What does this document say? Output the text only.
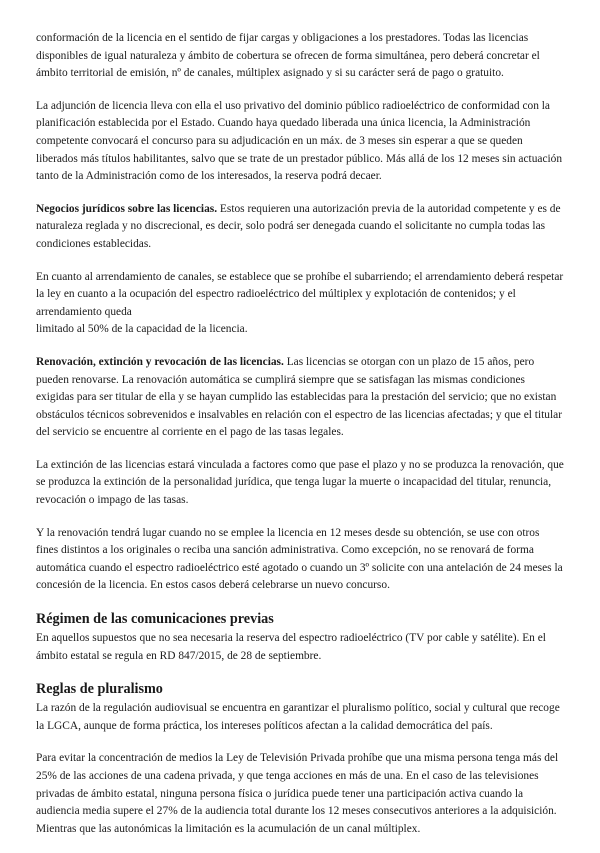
conformación de la licencia en el sentido de fijar cargas y obligaciones a los prestadores. Todas las licencias disponibles de igual naturaleza y ámbito de cobertura se ofrecen de forma simultánea, pero deberá concretar el ámbito territorial de emisión, nº de canales, múltiplex asignado y si su carácter será de pago o gratuito.

La adjunción de licencia lleva con ella el uso privativo del dominio público radioeléctrico de conformidad con la planificación establecida por el Estado. Cuando haya quedado liberada una única licencia, la Administración competente convocará el concurso para su adjudicación en un máx. de 3 meses sin esperar a que se queden liberados más títulos habilitantes, salvo que se trate de un prestador público. Más allá de los 12 meses sin actuación tanto de la Administración como de los interesados, la reserva podrá decaer.

Negocios jurídicos sobre las licencias. Estos requieren una autorización previa de la autoridad competente y es de naturaleza reglada y no discrecional, es decir, solo podrá ser denegada cuando el solicitante no cumpla todas las condiciones establecidas.

En cuanto al arrendamiento de canales, se establece que se prohíbe el subarriendo; el arrendamiento deberá respetar la ley en cuanto a la ocupación del espectro radioeléctrico del múltiplex y explotación de contenidos; y el arrendamiento queda
limitado al 50% de la capacidad de la licencia.

Renovación, extinción y revocación de las licencias. Las licencias se otorgan con un plazo de 15 años, pero pueden renovarse. La renovación automática se cumplirá siempre que se satisfagan las mismas condiciones exigidas para ser titular de ella y se hayan cumplido las establecidas para la prestación del servicio; que no existan obstáculos técnicos sobrevenidos e insalvables en relación con el espectro de las licencias afectadas; y que el titular del servicio se encuentre al corriente en el pago de las tasas legales.

La extinción de las licencias estará vinculada a factores como que pase el plazo y no se produzca la renovación, que se produzca la extinción de la personalidad jurídica, que tenga lugar la muerte o incapacidad del titular, renuncia, revocación o impago de las tasas.

Y la renovación tendrá lugar cuando no se emplee la licencia en 12 meses desde su obtención, se use con otros fines distintos a los originales o reciba una sanción administrativa. Como excepción, no se renovará de forma automática cuando el espectro radioeléctrico esté agotado o cuando un 3º solicite con una antelación de 24 meses la concesión de la licencia. En estos casos deberá celebrarse un nuevo concurso.

Régimen de las comunicaciones previas

En aquellos supuestos que no sea necesaria la reserva del espectro radioeléctrico (TV por cable y satélite). En el ámbito estatal se regula en RD 847/2015, de 28 de septiembre.

Reglas de pluralismo

La razón de la regulación audiovisual se encuentra en garantizar el pluralismo político, social y cultural que recoge la LGCA, aunque de forma práctica, los intereses políticos afectan a la calidad democrática del país.

Para evitar la concentración de medios la Ley de Televisión Privada prohíbe que una misma persona tenga más del 25% de las acciones de una cadena privada, y que tenga acciones en más de una. En el caso de las televisiones privadas de ámbito estatal, ninguna persona física o jurídica puede tener una participación activa cuando la audiencia media supere el 27% de la audiencia total durante los 12 meses consecutivos anteriores a la adquisición. Mientras que las autonómicas la limitación es la acumulación de un canal múltiplex.
